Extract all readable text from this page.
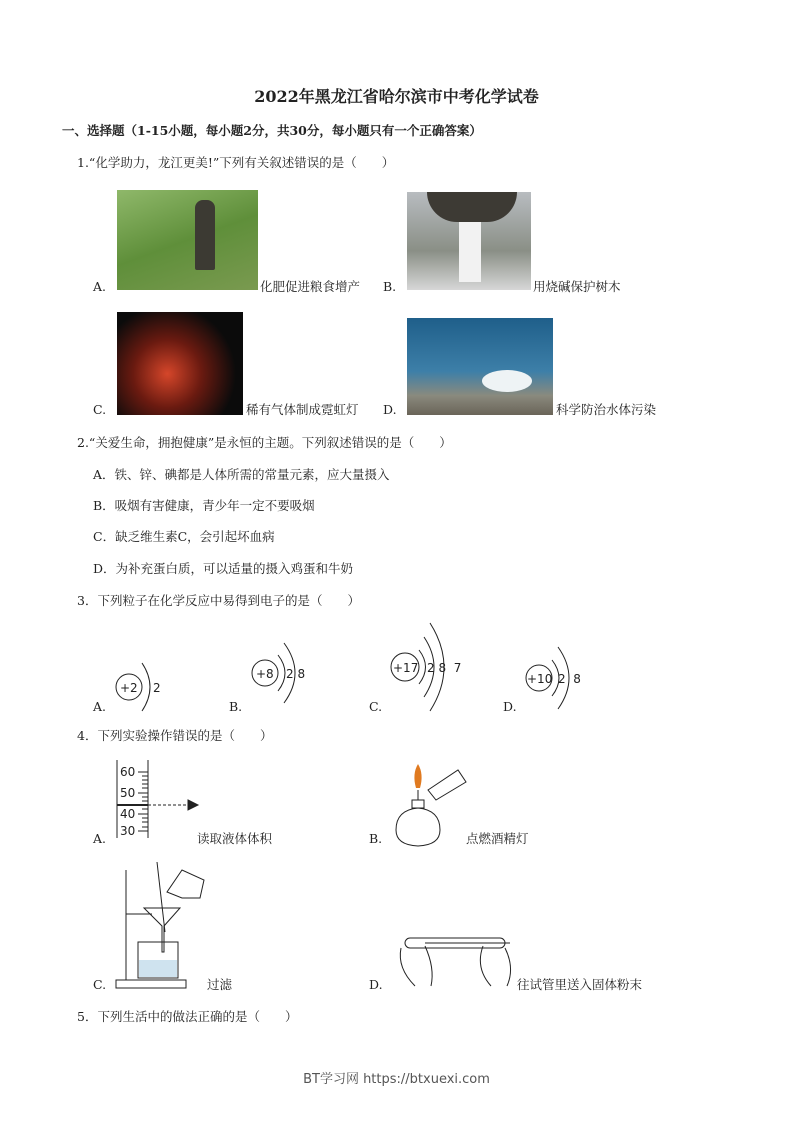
2022年黑龙江省哈尔滨市中考化学试卷
一、选择题（1-15小题，每小题2分，共30分，每小题只有一个正确答案）
1.“化学助力，龙江更美!”下列有关叙述错误的是（　　）
A.	化肥促进粮食增产 B.	用烧碱保护树木
C.	稀有气体制成霓虹灯 D.	科学防治水体污染
2.“关爱生命，拥抱健康”是永恒的主题。下列叙述错误的是（　　）
A．铁、锌、碘都是人体所需的常量元素，应大量摄入
B．吸烟有害健康，青少年一定不要吸烟
C．缺乏维生素C，会引起坏血病
D．为补充蛋白质，可以适量的摄入鸡蛋和牛奶
3．下列粒子在化学反应中易得到电子的是（　　）
+2 2
+8 2 8	+17 2 8  7
+10 2  8
A.	B.	C.	D.
4．下列实验操作错误的是（　　）
60
50
40
30
A.	读取液体体积	B.	点燃酒精灯
C.	过滤	D.	往试管里送入固体粉末
5．下列生活中的做法正确的是（　　）
BT学习网 https://btxuexi.com
